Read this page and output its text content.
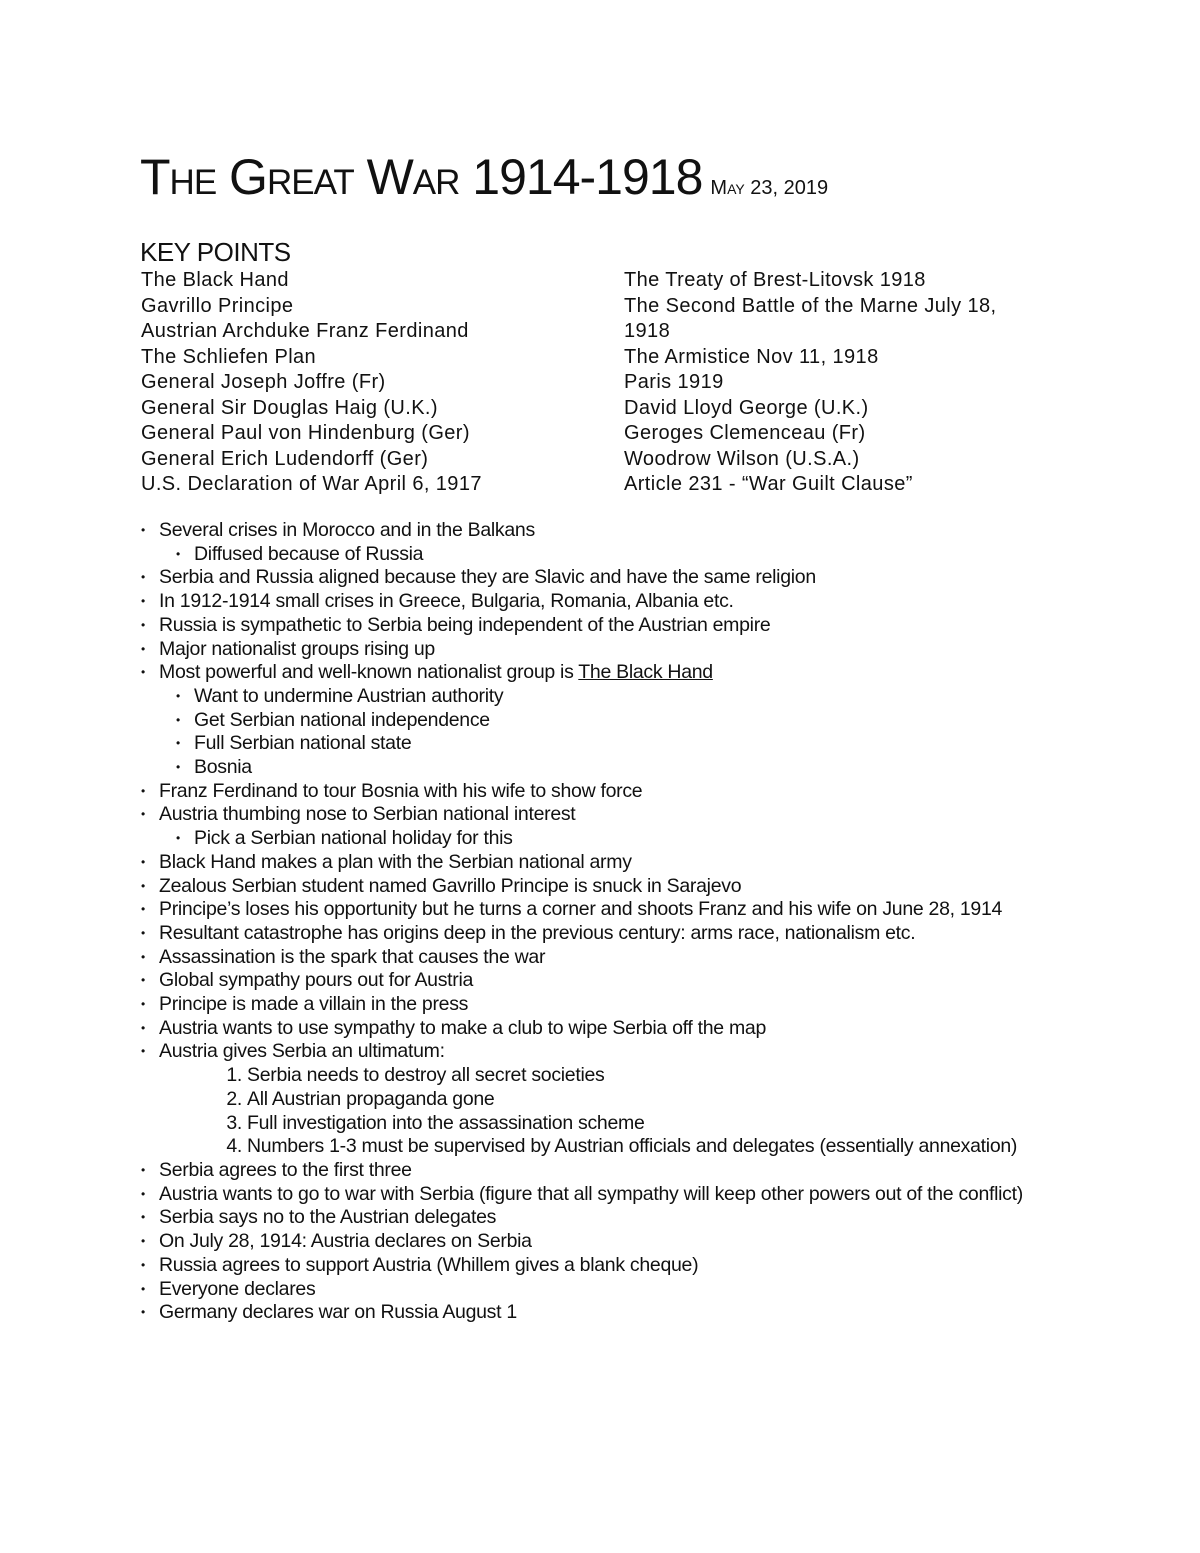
The Great War 1914-1918 May 23, 2019
KEY POINTS
The Black Hand
Gavrillo Principe
Austrian Archduke Franz Ferdinand
The Schliefen Plan
General Joseph Joffre (Fr)
General Sir Douglas Haig (U.K.)
General Paul von Hindenburg (Ger)
General Erich Ludendorff (Ger)
U.S. Declaration of War April 6, 1917
The Treaty of Brest-Litovsk 1918
The Second Battle of the Marne July 18,
1918
The Armistice Nov 11, 1918
Paris 1919
David Lloyd George (U.K.)
Geroges Clemenceau (Fr)
Woodrow Wilson (U.S.A.)
Article 231 - “War Guilt Clause”
• Several crises in Morocco and in the Balkans
• Diffused because of Russia
• Serbia and Russia aligned because they are Slavic and have the same religion
• In 1912-1914 small crises in Greece, Bulgaria, Romania, Albania etc.
• Russia is sympathetic to Serbia being independent of the Austrian empire
• Major nationalist groups rising up
• Most powerful and well-known nationalist group is The Black Hand
• Want to undermine Austrian authority
• Get Serbian national independence
• Full Serbian national state
• Bosnia
• Franz Ferdinand to tour Bosnia with his wife to show force
• Austria thumbing nose to Serbian national interest
• Pick a Serbian national holiday for this
• Black Hand makes a plan with the Serbian national army
• Zealous Serbian student named Gavrillo Principe is snuck in Sarajevo
• Principe’s loses his opportunity but he turns a corner and shoots Franz and his wife on June 28, 1914
• Resultant catastrophe has origins deep in the previous century: arms race, nationalism etc.
• Assassination is the spark that causes the war
• Global sympathy pours out for Austria
• Principe is made a villain in the press
• Austria wants to use sympathy to make a club to wipe Serbia off the map
• Austria gives Serbia an ultimatum:
1. Serbia needs to destroy all secret societies
2. All Austrian propaganda gone
3. Full investigation into the assassination scheme
4. Numbers 1-3 must be supervised by Austrian officials and delegates (essentially annexation)
• Serbia agrees to the first three
• Austria wants to go to war with Serbia (figure that all sympathy will keep other powers out of the conflict)
• Serbia says no to the Austrian delegates
• On July 28, 1914: Austria declares on Serbia
• Russia agrees to support Austria (Whillem gives a blank cheque)
• Everyone declares
• Germany declares war on Russia August 1
